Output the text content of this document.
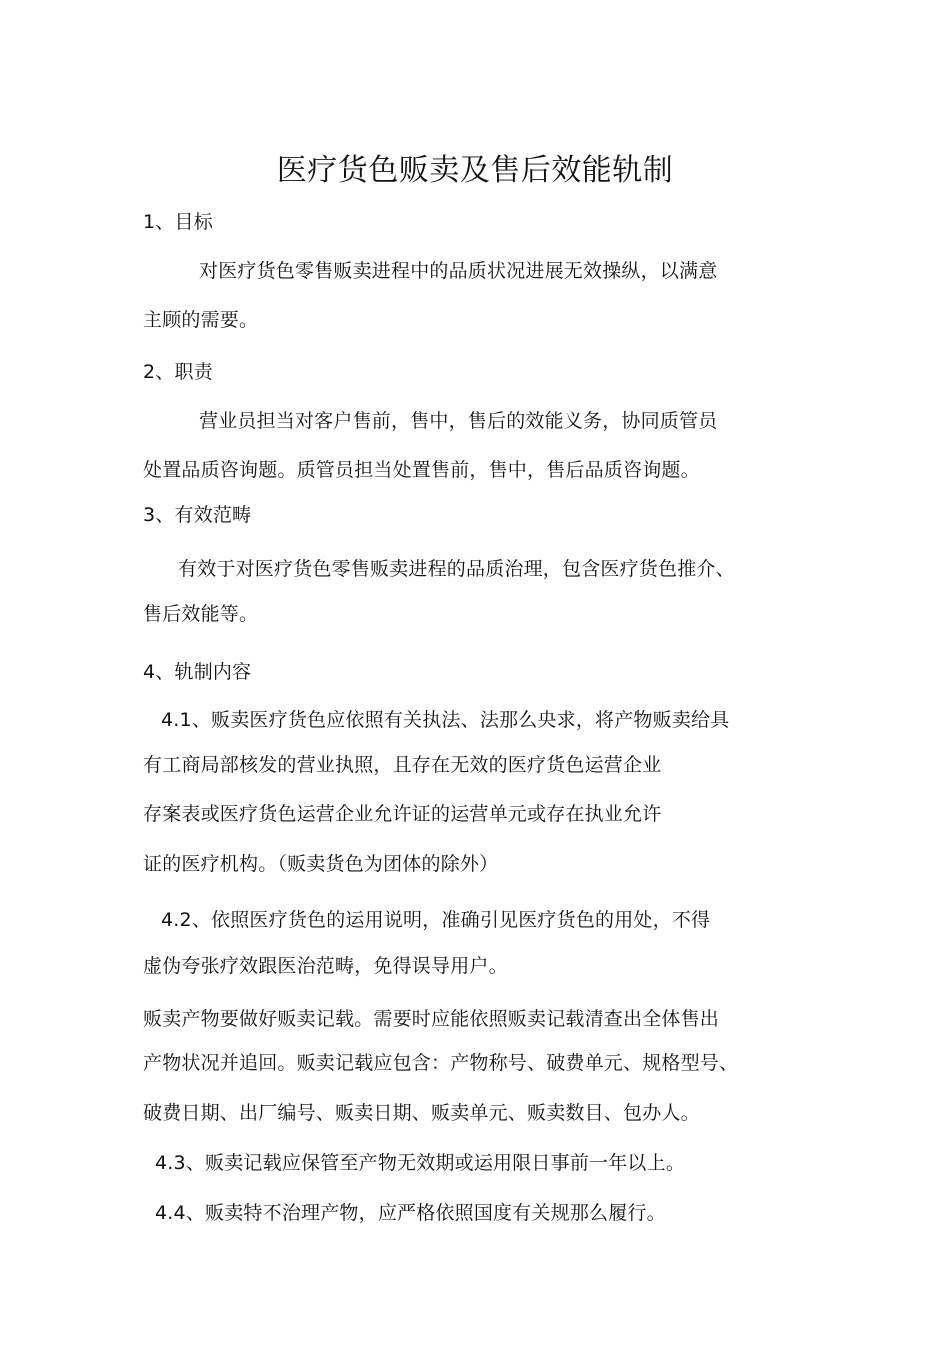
医疗货色贩卖及售后效能轨制
1、目标
对医疗货色零售贩卖进程中的品质状况进展无效操纵，以满意
主顾的需要。
2、职责
营业员担当对客户售前，售中，售后的效能义务，协同质管员
处置品质咨询题。质管员担当处置售前，售中，售后品质咨询题。
3、有效范畴
有效于对医疗货色零售贩卖进程的品质治理，包含医疗货色推介、
售后效能等。
4、轨制内容
4.1、贩卖医疗货色应依照有关执法、法那么央求，将产物贩卖给具
有工商局部核发的营业执照，且存在无效的医疗货色运营企业
存案表或医疗货色运营企业允许证的运营单元或存在执业允许
证的医疗机构。（贩卖货色为团体的除外）
4.2、依照医疗货色的运用说明，准确引见医疗货色的用处，不得
虚伪夸张疗效跟医治范畴，免得误导用户。
贩卖产物要做好贩卖记载。需要时应能依照贩卖记载清查出全体售出
产物状况并追回。贩卖记载应包含：产物称号、破费单元、规格型号、
破费日期、出厂编号、贩卖日期、贩卖单元、贩卖数目、包办人。
4.3、贩卖记载应保管至产物无效期或运用限日事前一年以上。
4.4、贩卖特不治理产物，应严格依照国度有关规那么履行。
